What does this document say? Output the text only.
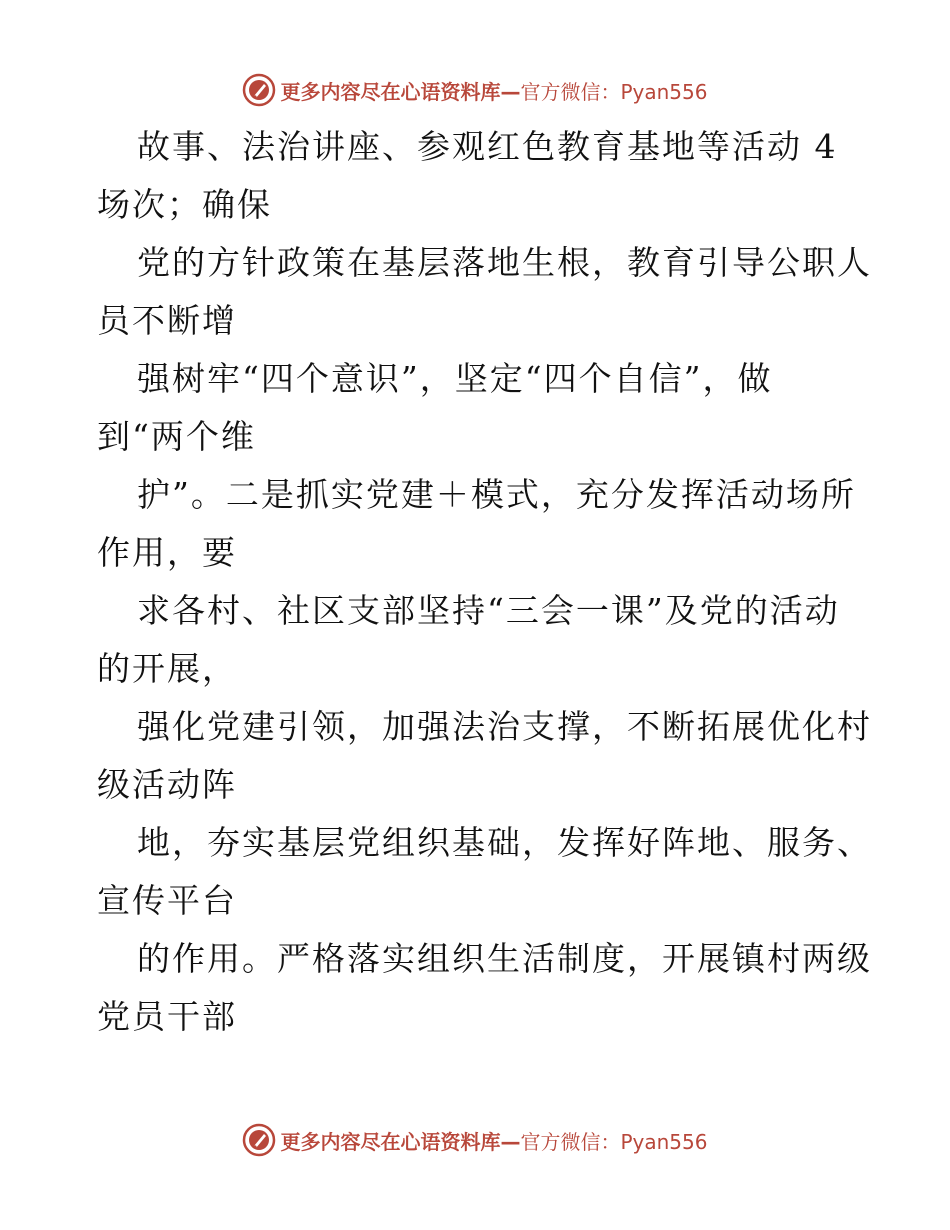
更多内容尽在心语资料库— 官方微信：Pyan556
故事、法治讲座、参观红色教育基地等活动 4
场次；确保
党的方针政策在基层落地生根，教育引导公职人
员不断增
强树牢“四个意识”，坚定“四个自信”，做
到“两个维
护”。二是抓实党建＋模式，充分发挥活动场所
作用，要
求各村、社区支部坚持“三会一课”及党的活动
的开展，
强化党建引领，加强法治支撑，不断拓展优化村
级活动阵
地，夯实基层党组织基础，发挥好阵地、服务、
宣传平台
的作用。严格落实组织生活制度，开展镇村两级
党员干部
更多内容尽在心语资料库— 官方微信：Pyan556
